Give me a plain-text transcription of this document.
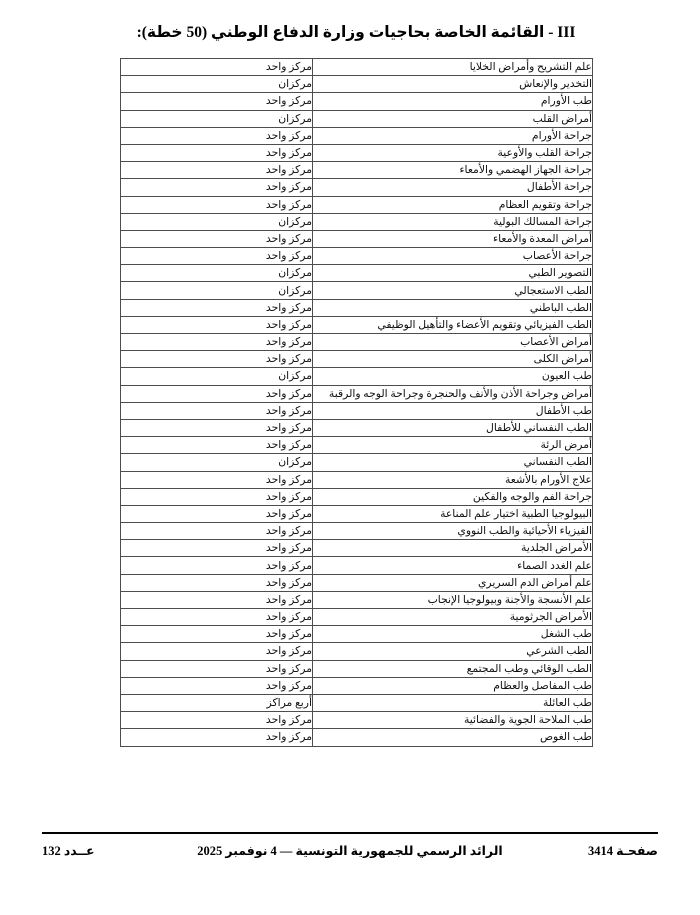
III - القائمة الخاصة بحاجيات وزارة الدفاع الوطني (50 خطة):
علم التشريح وأمراض الخلايا	مركز واحد
التخدير والإنعاش	مركزان
طب الأورام	مركز واحد
أمراض القلب	مركزان
جراحة الأورام	مركز واحد
جراحة القلب والأوعية	مركز واحد
جراحة الجهاز الهضمي والأمعاء	مركز واحد
جراحة الأطفال	مركز واحد
جراحة وتقويم العظام	مركز واحد
جراحة المسالك البولية	مركزان
أمراض المعدة والأمعاء	مركز واحد
جراحة الأعصاب	مركز واحد
التصوير الطبي	مركزان
الطب الاستعجالي	مركزان
الطب الباطني	مركز واحد
الطب الفيزيائي وتقويم الأعضاء والتأهيل الوظيفي	مركز واحد
أمراض الأعصاب	مركز واحد
أمراض الكلى	مركز واحد
طب العيون	مركزان
أمراض وجراحة الأذن والأنف والحنجرة وجراحة الوجه والرقبة	مركز واحد
طب الأطفال	مركز واحد
الطب النفساني للأطفال	مركز واحد
أمرض الرئة	مركز واحد
الطب النفساني	مركزان
علاج الأورام بالأشعة	مركز واحد
جراحة الفم والوجه والفكين	مركز واحد
البيولوجيا الطبية اختيار علم المناعة	مركز واحد
الفيزياء الأحيائية والطب النووي	مركز واحد
الأمراض الجلدية	مركز واحد
علم الغدد الصماء	مركز واحد
علم أمراض الدم السريري	مركز واحد
علم الأنسجة والأجنة وبيولوجيا الإنجاب	مركز واحد
الأمراض الجرثومية	مركز واحد
طب الشغل	مركز واحد
الطب الشرعي	مركز واحد
الطب الوقائي وطب المجتمع	مركز واحد
طب المفاصل والعظام	مركز واحد
طب العائلة	أربع مراكز
طب الملاحة الجوية والفضائية	مركز واحد
طب الغوص	مركز واحد
صفحـة 3414
الرائد الرسمي للجمهورية التونسية — 4 نوفمبر 2025
عــدد 132
